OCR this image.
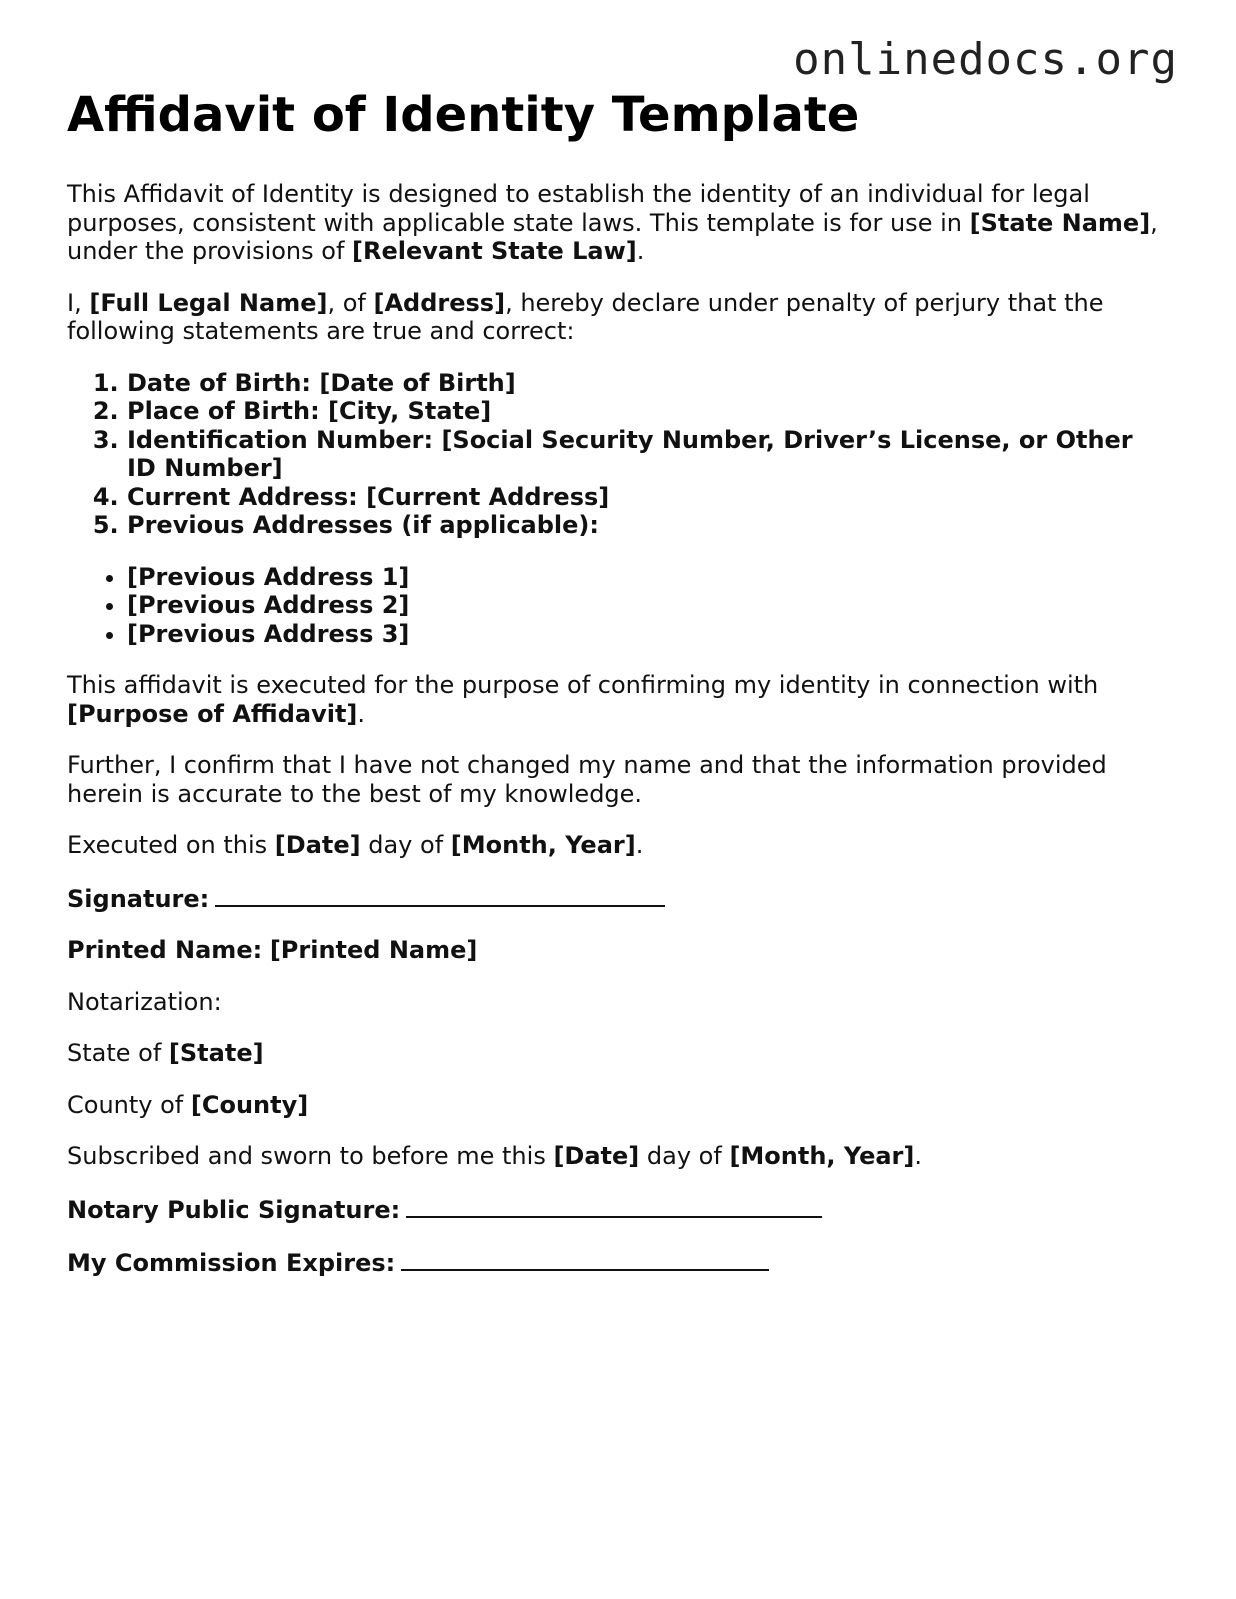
onlinedocs.org
Affidavit of Identity Template

This Affidavit of Identity is designed to establish the identity of an individual for legal purposes, consistent with applicable state laws. This template is for use in [State Name], under the provisions of [Relevant State Law].

I, [Full Legal Name], of [Address], hereby declare under penalty of perjury that the following statements are true and correct:

1. Date of Birth: [Date of Birth]
2. Place of Birth: [City, State]
3. Identification Number: [Social Security Number, Driver’s License, or Other ID Number]
4. Current Address: [Current Address]
5. Previous Addresses (if applicable):
• [Previous Address 1]
• [Previous Address 2]
• [Previous Address 3]

This affidavit is executed for the purpose of confirming my identity in connection with [Purpose of Affidavit].

Further, I confirm that I have not changed my name and that the information provided herein is accurate to the best of my knowledge.

Executed on this [Date] day of [Month, Year].

Signature:

Printed Name: [Printed Name]

Notarization:

State of [State]

County of [County]

Subscribed and sworn to before me this [Date] day of [Month, Year].

Notary Public Signature:

My Commission Expires:
